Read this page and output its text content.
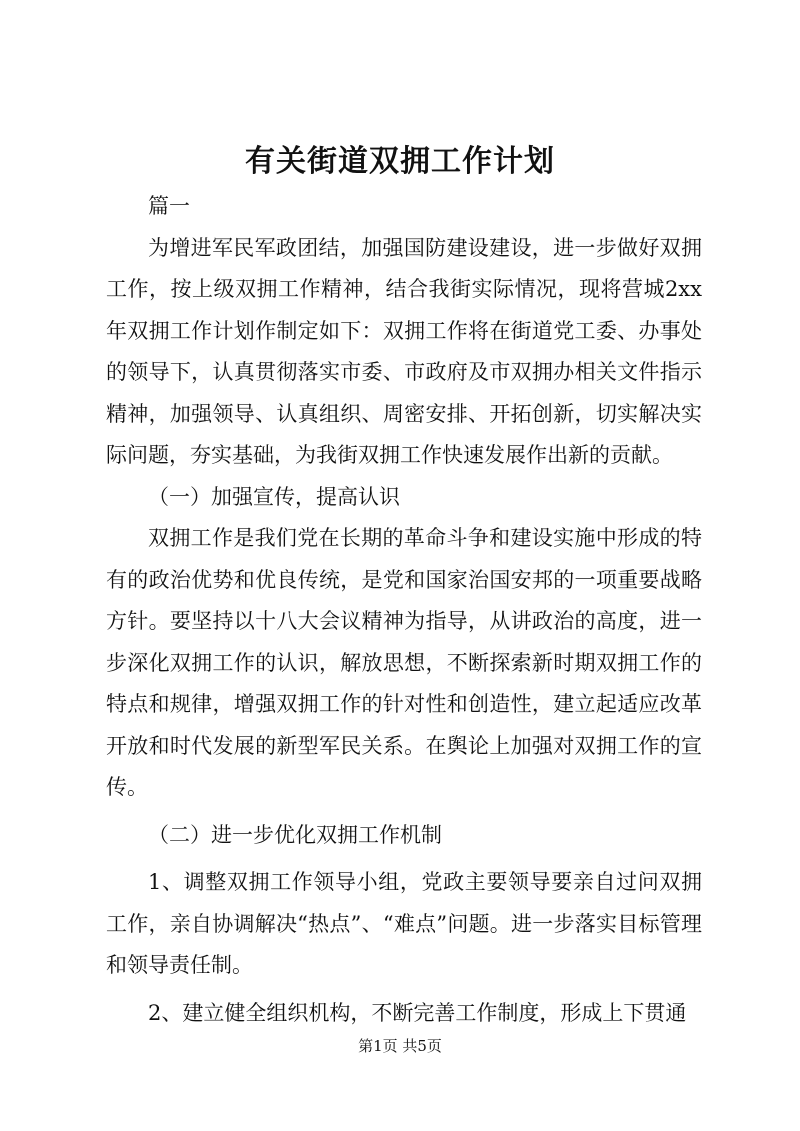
有关街道双拥工作计划

篇一

为增进军民军政团结，加强国防建设建设，进一步做好双拥工作，按上级双拥工作精神，结合我街实际情况，现将营城2xx年双拥工作计划作制定如下：双拥工作将在街道党工委、办事处的领导下，认真贯彻落实市委、市政府及市双拥办相关文件指示精神，加强领导、认真组织、周密安排、开拓创新，切实解决实际问题，夯实基础，为我街双拥工作快速发展作出新的贡献。

（一）加强宣传，提高认识

双拥工作是我们党在长期的革命斗争和建设实施中形成的特有的政治优势和优良传统，是党和国家治国安邦的一项重要战略方针。要坚持以十八大会议精神为指导，从讲政治的高度，进一步深化双拥工作的认识，解放思想，不断探索新时期双拥工作的特点和规律，增强双拥工作的针对性和创造性，建立起适应改革开放和时代发展的新型军民关系。在舆论上加强对双拥工作的宣传。

（二）进一步优化双拥工作机制

1、调整双拥工作领导小组，党政主要领导要亲自过问双拥工作，亲自协调解决“热点”、“难点”问题。进一步落实目标管理和领导责任制。

2、建立健全组织机构，不断完善工作制度，形成上下贯通

第1页 共5页
